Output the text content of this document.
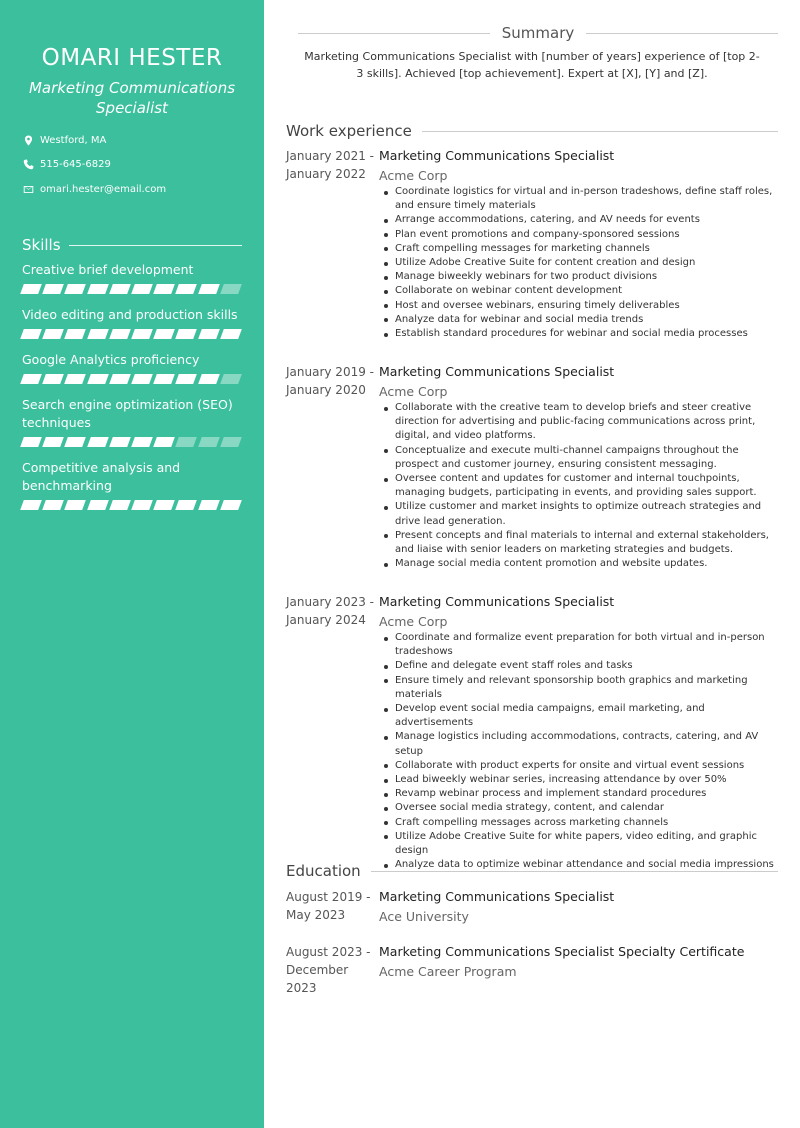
OMARI HESTER
Marketing Communications Specialist
Westford, MA
515-645-6829
omari.hester@email.com
Skills
Creative brief development
Video editing and production skills
Google Analytics proficiency
Search engine optimization (SEO) techniques
Competitive analysis and benchmarking
Summary
Marketing Communications Specialist with [number of years] experience of [top 2-3 skills]. Achieved [top achievement]. Expert at [X], [Y] and [Z].
Work experience
January 2021 - January 2022
Marketing Communications Specialist
Acme Corp
Coordinate logistics for virtual and in-person tradeshows, define staff roles, and ensure timely materials
Arrange accommodations, catering, and AV needs for events
Plan event promotions and company-sponsored sessions
Craft compelling messages for marketing channels
Utilize Adobe Creative Suite for content creation and design
Manage biweekly webinars for two product divisions
Collaborate on webinar content development
Host and oversee webinars, ensuring timely deliverables
Analyze data for webinar and social media trends
Establish standard procedures for webinar and social media processes
January 2019 - January 2020
Marketing Communications Specialist
Acme Corp
Collaborate with the creative team to develop briefs and steer creative direction for advertising and public-facing communications across print, digital, and video platforms.
Conceptualize and execute multi-channel campaigns throughout the prospect and customer journey, ensuring consistent messaging.
Oversee content and updates for customer and internal touchpoints, managing budgets, participating in events, and providing sales support.
Utilize customer and market insights to optimize outreach strategies and drive lead generation.
Present concepts and final materials to internal and external stakeholders, and liaise with senior leaders on marketing strategies and budgets.
Manage social media content promotion and website updates.
January 2023 - January 2024
Marketing Communications Specialist
Acme Corp
Coordinate and formalize event preparation for both virtual and in-person tradeshows
Define and delegate event staff roles and tasks
Ensure timely and relevant sponsorship booth graphics and marketing materials
Develop event social media campaigns, email marketing, and advertisements
Manage logistics including accommodations, contracts, catering, and AV setup
Collaborate with product experts for onsite and virtual event sessions
Lead biweekly webinar series, increasing attendance by over 50%
Revamp webinar process and implement standard procedures
Oversee social media strategy, content, and calendar
Craft compelling messages across marketing channels
Utilize Adobe Creative Suite for white papers, video editing, and graphic design
Analyze data to optimize webinar attendance and social media impressions
Education
August 2019 - May 2023
Marketing Communications Specialist
Ace University
August 2023 - December 2023
Marketing Communications Specialist Specialty Certificate
Acme Career Program
